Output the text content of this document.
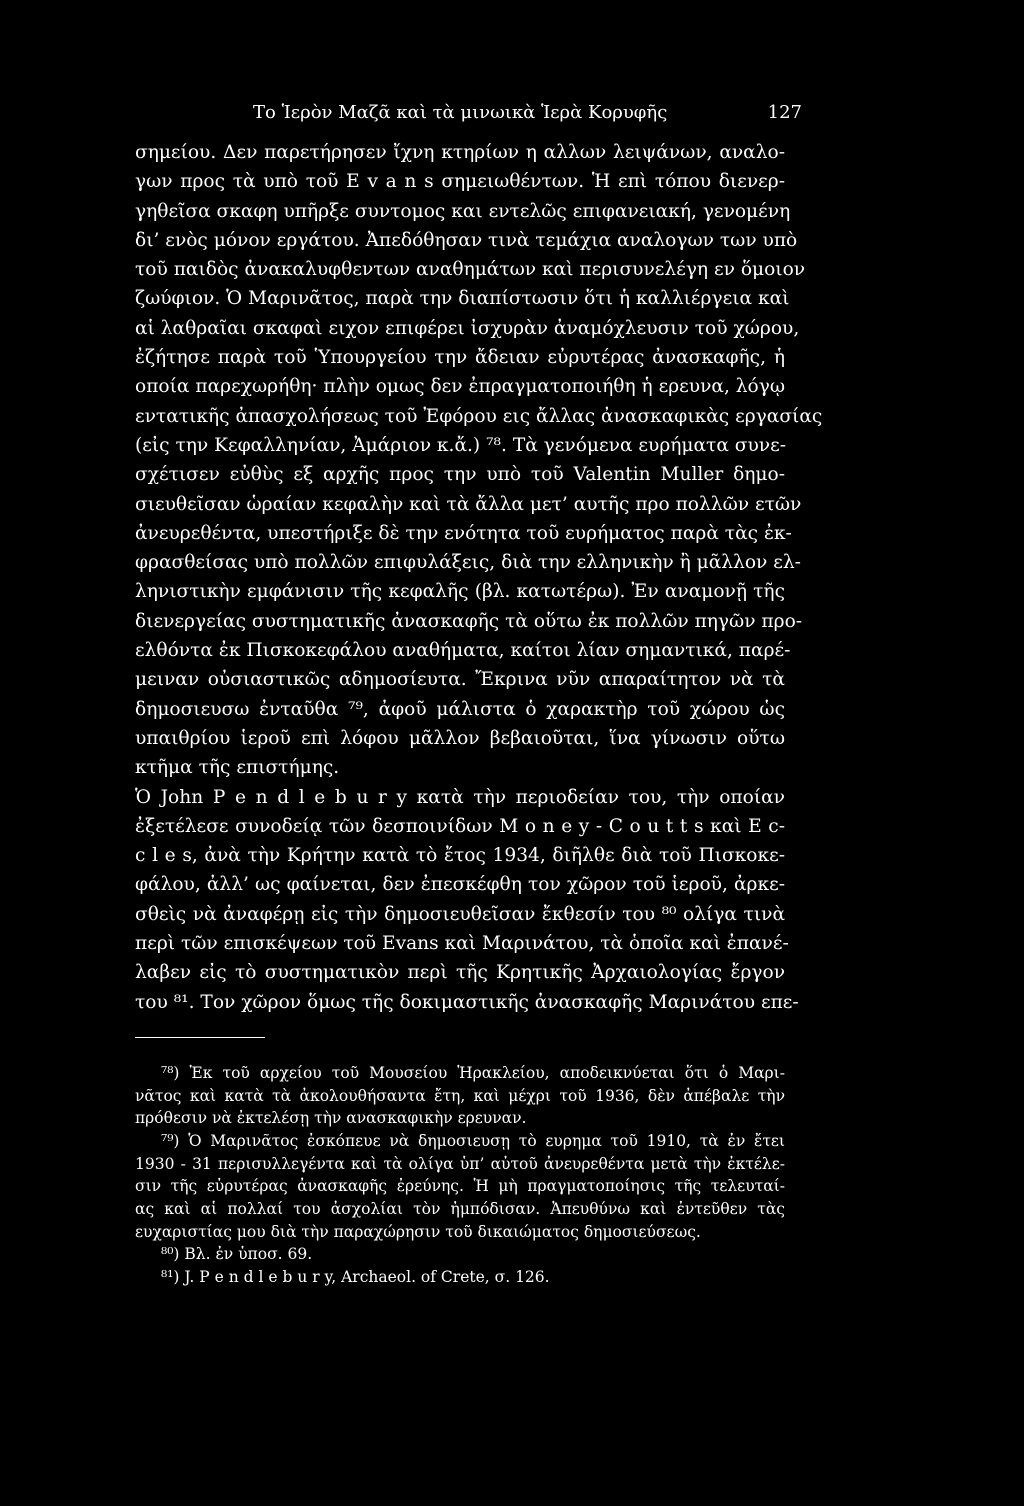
Το Ἱερὸν Μαζᾶ καὶ τὰ μινωικὰ Ἱερὰ Κορυφῆς	127
σημείου. Δεν παρετήρησεν ἴχνη κτηρίων η αλλων λειψάνων, αναλο-
γων προς τὰ υπὸ τοῦ E v a n s σημειωθέντων. Ἡ επὶ τόπου διενερ-
γηθεῖσα σκαφη υπῆρξε συντομος και εντελῶς επιφανειακή, γενομένη
δι’ ενὸς μόνον εργάτου. Ἀπεδόθησαν τινὰ τεμάχια αναλογων των υπὸ
τοῦ παιδὸς ἀνακαλυφθεντων αναθημάτων καὶ περισυνελέγη εν ὅμοιον
ζωύφιον. Ὁ Μαρινᾶτος, παρὰ την διαπίστωσιν ὅτι ἡ καλλιέργεια καὶ
αἱ λαθραῖαι σκαφαὶ ειχον επιφέρει ἰσχυρὰν ἀναμόχλευσιν τοῦ χώρου,
ἐζήτησε παρὰ τοῦ Ὑπουργείου την ἄδειαν εὐρυτέρας ἀνασκαφῆς, ἡ
οποία παρεχωρήθη· πλὴν ομως δεν ἐπραγματοποιήθη ἡ ερευνα, λόγῳ
εντατικῆς ἀπασχολήσεως τοῦ Ἐφόρου εις ἄλλας ἀνασκαφικὰς εργασίας
(εἰς την Κεφαλληνίαν, Ἀμάριον κ.ἄ.) ⁷⁸. Τὰ γενόμενα ευρήματα συνε-
σχέτισεν εὐθὺς εξ αρχῆς προς την υπὸ τοῦ Valentin Muller δημο-
σιευθεῖσαν ὡραίαν κεφαλὴν καὶ τὰ ἄλλα μετ’ αυτῆς προ πολλῶν ετῶν
ἀνευρεθέντα, υπεστήριξε δὲ την ενότητα τοῦ ευρήματος παρὰ τὰς ἐκ-
φρασθείσας υπὸ πολλῶν επιφυλάξεις, διὰ την ελληνικὴν ἢ μᾶλλον ελ-
ληνιστικὴν εμφάνισιν τῆς κεφαλῆς (βλ. κατωτέρω). Ἐν αναμονῇ τῆς
διενεργείας συστηματικῆς ἀνασκαφῆς τὰ οὕτω ἐκ πολλῶν πηγῶν προ-
ελθόντα ἐκ Πισκοκεφάλου αναθήματα, καίτοι λίαν σημαντικά, παρέ-
μειναν οὐσιαστικῶς αδημοσίευτα. Ἔκρινα νῦν απαραίτητον νὰ τὰ
δημοσιευσω ἐνταῦθα ⁷⁹, ἀφοῦ μάλιστα ὁ χαρακτὴρ τοῦ χώρου ὡς
υπαιθρίου ἱεροῦ επὶ λόφου μᾶλλον βεβαιοῦται, ἵνα γίνωσιν οὕτω
κτῆμα τῆς επιστήμης.
Ὁ John P e n d l e b u r y κατὰ τὴν περιοδείαν του, τὴν οποίαν
ἐξετέλεσε συνοδείᾳ τῶν δεσποινίδων M o n e y - C o u t t s καὶ E c-
c l e s, ἀνὰ τὴν Κρήτην κατὰ τὸ ἔτος 1934, διῆλθε διὰ τοῦ Πισκοκε-
φάλου, ἀλλ’ ως φαίνεται, δεν ἐπεσκέφθη τον χῶρον τοῦ ἱεροῦ, ἀρκε-
σθεὶς νὰ ἀναφέρῃ εἰς τὴν δημοσιευθεῖσαν ἔκθεσίν του ⁸⁰ ολίγα τινὰ
περὶ τῶν επισκέψεων τοῦ Evans καὶ Μαρινάτου, τὰ ὁποῖα καὶ ἐπανέ-
λαβεν εἰς τὸ συστηματικὸν περὶ τῆς Κρητικῆς Ἀρχαιολογίας ἔργον
του ⁸¹. Τον χῶρον ὅμως τῆς δοκιμαστικῆς ἀνασκαφῆς Μαρινάτου επε-
⁷⁸) Ἐκ τοῦ αρχείου τοῦ Μουσείου Ἡρακλείου, αποδεικνύεται ὅτι ὁ Μαρι-
νᾶτος καὶ κατὰ τὰ ἀκολουθήσαντα ἔτη, καὶ μέχρι τοῦ 1936, δὲν ἀπέβαλε τὴν
πρόθεσιν νὰ ἐκτελέσῃ τὴν ανασκαφικὴν ερευναν.
⁷⁹) Ὁ Μαρινᾶτος ἐσκόπευε νὰ δημοσιευσῃ τὸ ευρημα τοῦ 1910, τὰ ἐν ἔτει
1930 - 31 περισυλλεγέντα καὶ τὰ ολίγα ὑπ’ αὐτοῦ ἀνευρεθέντα μετὰ τὴν ἐκτέλε-
σιν τῆς εὐρυτέρας ἀνασκαφῆς ἐρεύνης. Ἡ μὴ πραγματοποίησις τῆς τελευταί-
ας καὶ αἱ πολλαί του ἀσχολίαι τὸν ἠμπόδισαν. Ἀπευθύνω καὶ ἐντεῦθεν τὰς
ευχαριστίας μου διὰ τὴν παραχώρησιν τοῦ δικαιώματος δημοσιεύσεως.
⁸⁰) Βλ. ἐν ὑποσ. 69.
⁸¹) J. P e n d l e b u r y, Archaeol. of Crete, σ. 126.
